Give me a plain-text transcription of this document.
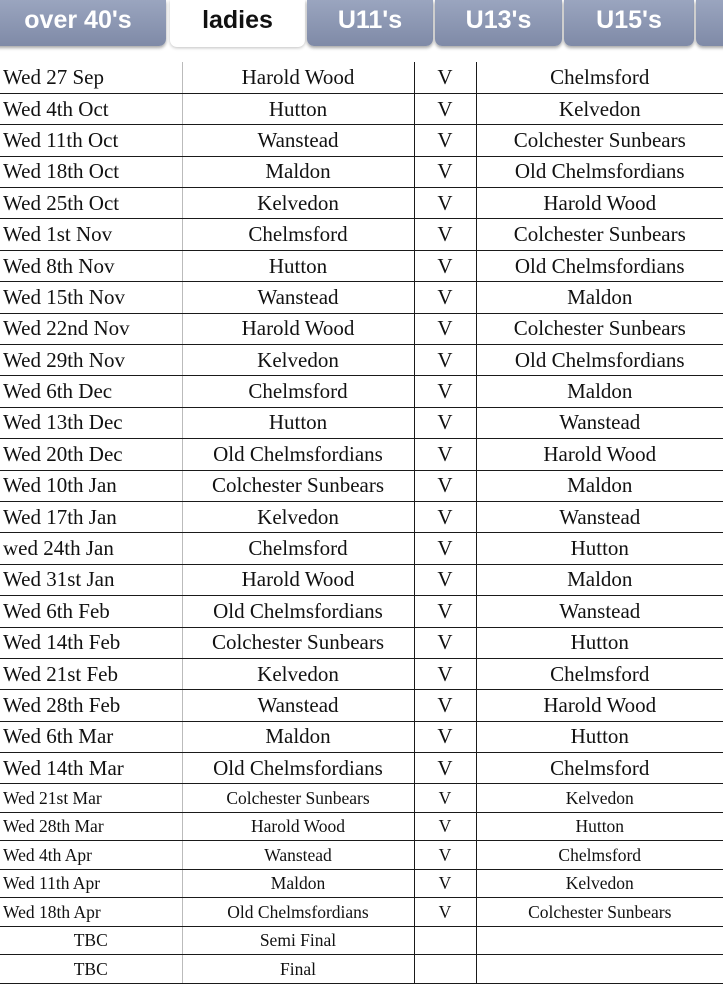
over 40's	ladies	U11's	U13's	U15's
Wed 27 Sep	Harold Wood	V	Chelmsford
Wed 4th Oct	Hutton	V	Kelvedon
Wed 11th Oct	Wanstead	V	Colchester Sunbears
Wed 18th Oct	Maldon	V	Old Chelmsfordians
Wed 25th Oct	Kelvedon	V	Harold Wood
Wed 1st Nov	Chelmsford	V	Colchester Sunbears
Wed 8th Nov	Hutton	V	Old Chelmsfordians
Wed 15th Nov	Wanstead	V	Maldon
Wed 22nd Nov	Harold Wood	V	Colchester Sunbears
Wed 29th Nov	Kelvedon	V	Old Chelmsfordians
Wed 6th Dec	Chelmsford	V	Maldon
Wed 13th Dec	Hutton	V	Wanstead
Wed 20th Dec	Old Chelmsfordians	V	Harold Wood
Wed 10th Jan	Colchester Sunbears	V	Maldon
Wed 17th Jan	Kelvedon	V	Wanstead
wed 24th Jan	Chelmsford	V	Hutton
Wed 31st Jan	Harold Wood	V	Maldon
Wed 6th Feb	Old Chelmsfordians	V	Wanstead
Wed 14th Feb	Colchester Sunbears	V	Hutton
Wed 21st Feb	Kelvedon	V	Chelmsford
Wed 28th Feb	Wanstead	V	Harold Wood
Wed 6th Mar	Maldon	V	Hutton
Wed 14th Mar	Old Chelmsfordians	V	Chelmsford
Wed 21st Mar	Colchester Sunbears	V	Kelvedon
Wed 28th Mar	Harold Wood	V	Hutton
Wed 4th Apr	Wanstead	V	Chelmsford
Wed 11th Apr	Maldon	V	Kelvedon
Wed 18th Apr	Old Chelmsfordians	V	Colchester Sunbears
TBC	Semi Final		
TBC	Final		
